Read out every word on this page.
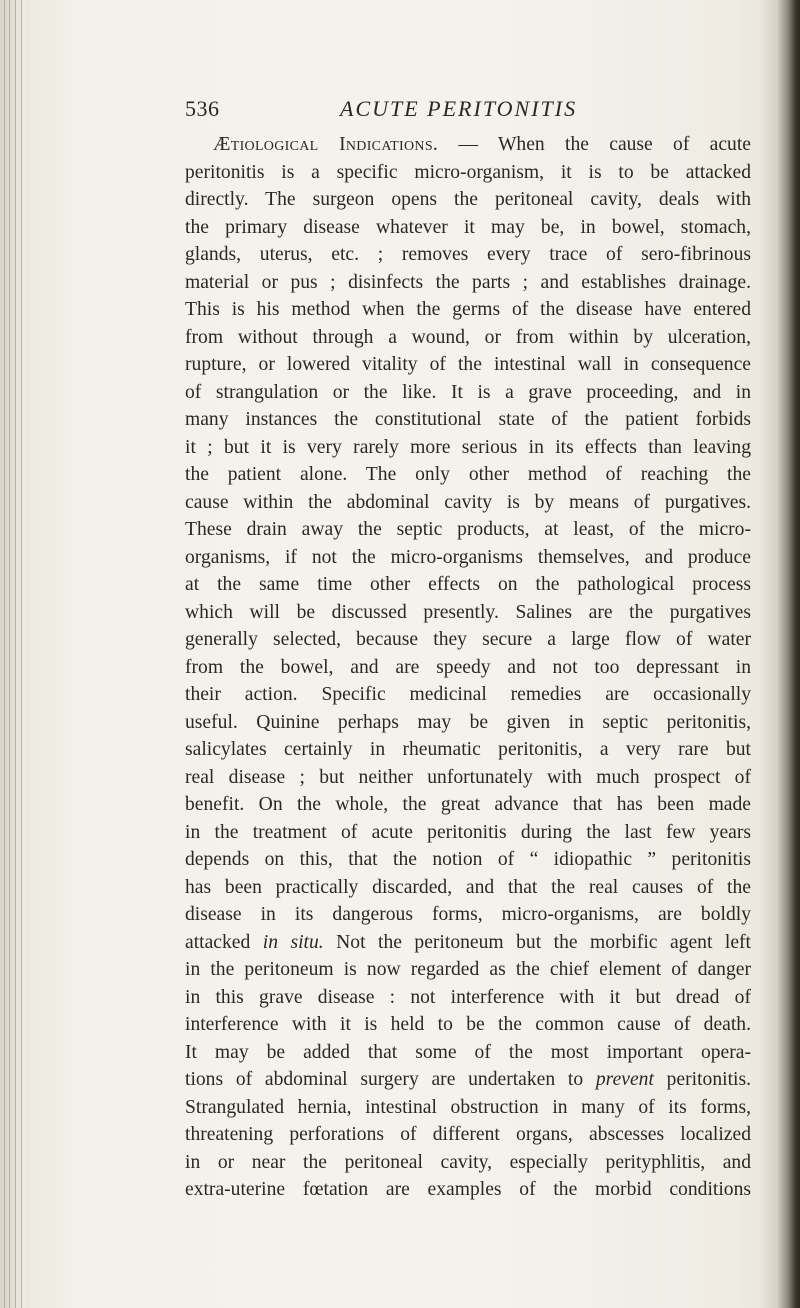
536	ACUTE PERITONITIS
Ætiological Indications. — When the cause of acute
peritonitis is a specific micro-organism, it is to be attacked
directly. The surgeon opens the peritoneal cavity, deals with
the primary disease whatever it may be, in bowel, stomach,
glands, uterus, etc. ; removes every trace of sero-fibrinous
material or pus ; disinfects the parts ; and establishes drainage.
This is his method when the germs of the disease have entered
from without through a wound, or from within by ulceration,
rupture, or lowered vitality of the intestinal wall in consequence
of strangulation or the like. It is a grave proceeding, and in
many instances the constitutional state of the patient forbids
it ; but it is very rarely more serious in its effects than leaving
the patient alone. The only other method of reaching the
cause within the abdominal cavity is by means of purgatives.
These drain away the septic products, at least, of the micro-
organisms, if not the micro-organisms themselves, and produce
at the same time other effects on the pathological process
which will be discussed presently. Salines are the purgatives
generally selected, because they secure a large flow of water
from the bowel, and are speedy and not too depressant in
their action. Specific medicinal remedies are occasionally
useful. Quinine perhaps may be given in septic peritonitis,
salicylates certainly in rheumatic peritonitis, a very rare but
real disease ; but neither unfortunately with much prospect of
benefit. On the whole, the great advance that has been made
in the treatment of acute peritonitis during the last few years
depends on this, that the notion of “ idiopathic ” peritonitis
has been practically discarded, and that the real causes of the
disease in its dangerous forms, micro-organisms, are boldly
attacked in situ. Not the peritoneum but the morbific agent left
in the peritoneum is now regarded as the chief element of danger
in this grave disease : not interference with it but dread of
interference with it is held to be the common cause of death.
It may be added that some of the most important opera-
tions of abdominal surgery are undertaken to prevent peritonitis.
Strangulated hernia, intestinal obstruction in many of its forms,
threatening perforations of different organs, abscesses localized
in or near the peritoneal cavity, especially perityphlitis, and
extra-uterine fœtation are examples of the morbid conditions
